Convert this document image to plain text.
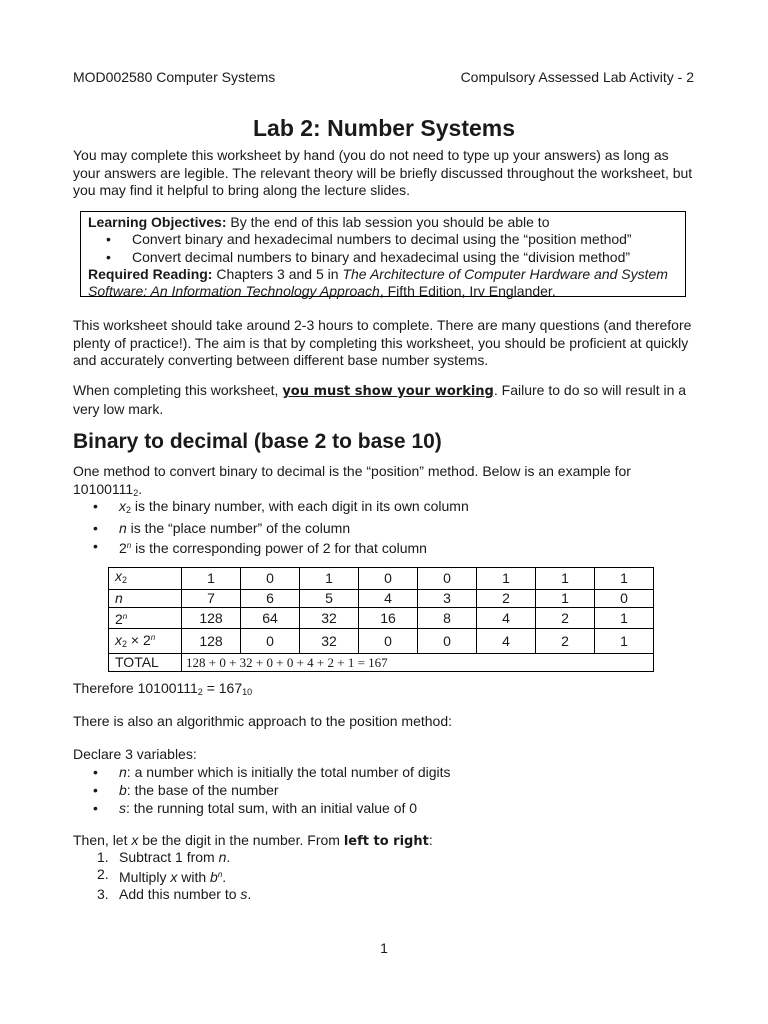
MOD002580 Computer Systems	Compulsory Assessed Lab Activity - 2
Lab 2: Number Systems
You may complete this worksheet by hand (you do not need to type up your answers) as long as your answers are legible. The relevant theory will be briefly discussed throughout the worksheet, but you may find it helpful to bring along the lecture slides.
Learning Objectives: By the end of this lab session you should be able to
• Convert binary and hexadecimal numbers to decimal using the “position method”
• Convert decimal numbers to binary and hexadecimal using the “division method”
Required Reading: Chapters 3 and 5 in The Architecture of Computer Hardware and System Software: An Information Technology Approach, Fifth Edition, Irv Englander.
This worksheet should take around 2-3 hours to complete. There are many questions (and therefore plenty of practice!). The aim is that by completing this worksheet, you should be proficient at quickly and accurately converting between different base number systems.
When completing this worksheet, you must show your working. Failure to do so will result in a very low mark.
Binary to decimal (base 2 to base 10)
One method to convert binary to decimal is the “position” method. Below is an example for $10100111_2$.
• $x_2$ is the binary number, with each digit in its own column
• n is the “place number” of the column
• 2$^n$ is the corresponding power of 2 for that column
$x_2$	1	0	1	0	0	1	1	1
n	7	6	5	4	3	2	1	0
2$^n$	128	64	32	16	8	4	2	1
$x_2 \times 2^n$	128	0	32	0	0	4	2	1
TOTAL	128 + 0 + 32 + 0 + 0 + 4 + 2 + 1 = 167							
Therefore $10100111_2 = 167_{10}$
There is also an algorithmic approach to the position method:
Declare 3 variables:
• n: a number which is initially the total number of digits
• b: the base of the number
• s: the running total sum, with an initial value of 0
Then, let x be the digit in the number. From left to right:
1. Subtract 1 from n.
2. Multiply x with $b^n$.
3. Add this number to s.
1
